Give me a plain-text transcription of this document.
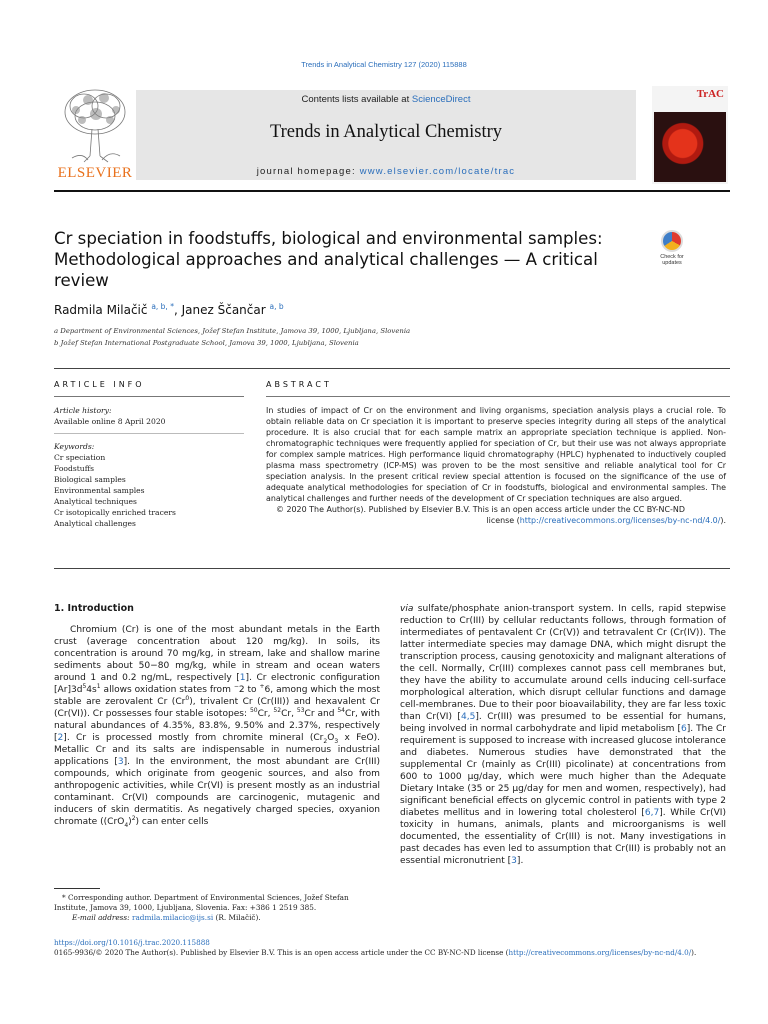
Trends in Analytical Chemistry 127 (2020) 115888
ELSEVIER
Contents lists available at ScienceDirect
Trends in Analytical Chemistry
journal homepage: www.elsevier.com/locate/trac
TrAC
Cr speciation in foodstuffs, biological and environmental samples: Methodological approaches and analytical challenges — A critical review
Check for updates
Radmila Milačič $^{a, b, *}$, Janez Ščančar $^{a, b}$
a Department of Environmental Sciences, Jožef Stefan Institute, Jamova 39, 1000, Ljubljana, Slovenia
b Jožef Stefan International Postgraduate School, Jamova 39, 1000, Ljubljana, Slovenia
ARTICLE INFO	ABSTRACT
Article history:
Available online 8 April 2020
Keywords:
Cr speciation
Foodstuffs
Biological samples
Environmental samples
Analytical techniques
Cr isotopically enriched tracers
Analytical challenges
In studies of impact of Cr on the environment and living organisms, speciation analysis plays a crucial role. To obtain reliable data on Cr speciation it is important to preserve species integrity during all steps of the analytical procedure. It is also crucial that for each sample matrix an appropriate speciation technique is applied. Non-chromatographic techniques were frequently applied for speciation of Cr, but their use was not always appropriate for complex sample matrices. High performance liquid chromatography (HPLC) hyphenated to inductively coupled plasma mass spectrometry (ICP-MS) was proven to be the most sensitive and reliable analytical tool for Cr speciation analysis. In the present critical review special attention is focused on the significance of the use of adequate analytical methodologies for speciation of Cr in foodstuffs, biological and environmental samples. The analytical challenges and further needs of the development of Cr speciation techniques are also argued.
© 2020 The Author(s). Published by Elsevier B.V. This is an open access article under the CC BY-NC-ND
license (http://creativecommons.org/licenses/by-nc-nd/4.0/).
1. Introduction

Chromium (Cr) is one of the most abundant metals in the Earth crust (average concentration about 120 mg/kg). In soils, its concentration is around 70 mg/kg, in stream, lake and shallow marine sediments about 50−80 mg/kg, while in stream and ocean waters around 1 and 0.2 ng/mL, respectively [1]. Cr electronic configuration $[Ar]3d^54s^1$ allows oxidation states from −2 to +6, among which the most stable are zerovalent Cr (Cr$^0$), trivalent Cr (Cr(III)) and hexavalent Cr (Cr(VI)). Cr possesses four stable isotopes: $^{50}$Cr, $^{52}$Cr, $^{53}$Cr and $^{54}$Cr, with natural abundances of 4.35%, 83.8%, 9.50% and 2.37%, respectively [2]. Cr is processed mostly from chromite mineral ($Cr_2O_3$ x FeO). Metallic Cr and its salts are indispensable in numerous industrial applications [3]. In the environment, the most abundant are Cr(III) compounds, which originate from geogenic sources, and also from anthropogenic activities, while Cr(VI) is present mostly as an industrial contaminant. Cr(VI) compounds are carcinogenic, mutagenic and inducers of skin dermatitis. As negatively charged species, oxyanion chromate $((CrO_4)^2)$ can enter cells

via sulfate/phosphate anion-transport system. In cells, rapid stepwise reduction to Cr(III) by cellular reductants follows, through formation of intermediates of pentavalent Cr (Cr(V)) and tetravalent Cr (Cr(IV)). The latter intermediate species may damage DNA, which might disrupt the transcription process, causing genotoxicity and malignant alterations of the cell. Normally, Cr(III) complexes cannot pass cell membranes but, they have the ability to accumulate around cells inducing cell-surface morphological alteration, which disrupt cellular functions and damage cell-membranes. Due to their poor bioavailability, they are far less toxic than Cr(VI) [4,5]. Cr(III) was presumed to be essential for humans, being involved in normal carbohydrate and lipid metabolism [6]. The Cr requirement is supposed to increase with increased glucose intolerance and diabetes. Numerous studies have demonstrated that the supplemental Cr (mainly as Cr(III) picolinate) at concentrations from 600 to 1000 μg/day, which were much higher than the Adequate Dietary Intake (35 or 25 μg/day for men and women, respectively), had significant beneficial effects on glycemic control in patients with type 2 diabetes mellitus and in lowering total cholesterol [6,7]. While Cr(VI) toxicity in humans, animals, plants and microorganisms is well documented, the essentiality of Cr(III) is not. Many investigations in past decades has even led to assumption that Cr(III) is probably not an essential micronutrient [3].

* Corresponding author. Department of Environmental Sciences, Jožef Stefan Institute, Jamova 39, 1000, Ljubljana, Slovenia. Fax: +386 1 2519 385.
E-mail address: radmila.milacic@ijs.si (R. Milačič).
https://doi.org/10.1016/j.trac.2020.115888
0165-9936/© 2020 The Author(s). Published by Elsevier B.V. This is an open access article under the CC BY-NC-ND license (http://creativecommons.org/licenses/by-nc-nd/4.0/).
